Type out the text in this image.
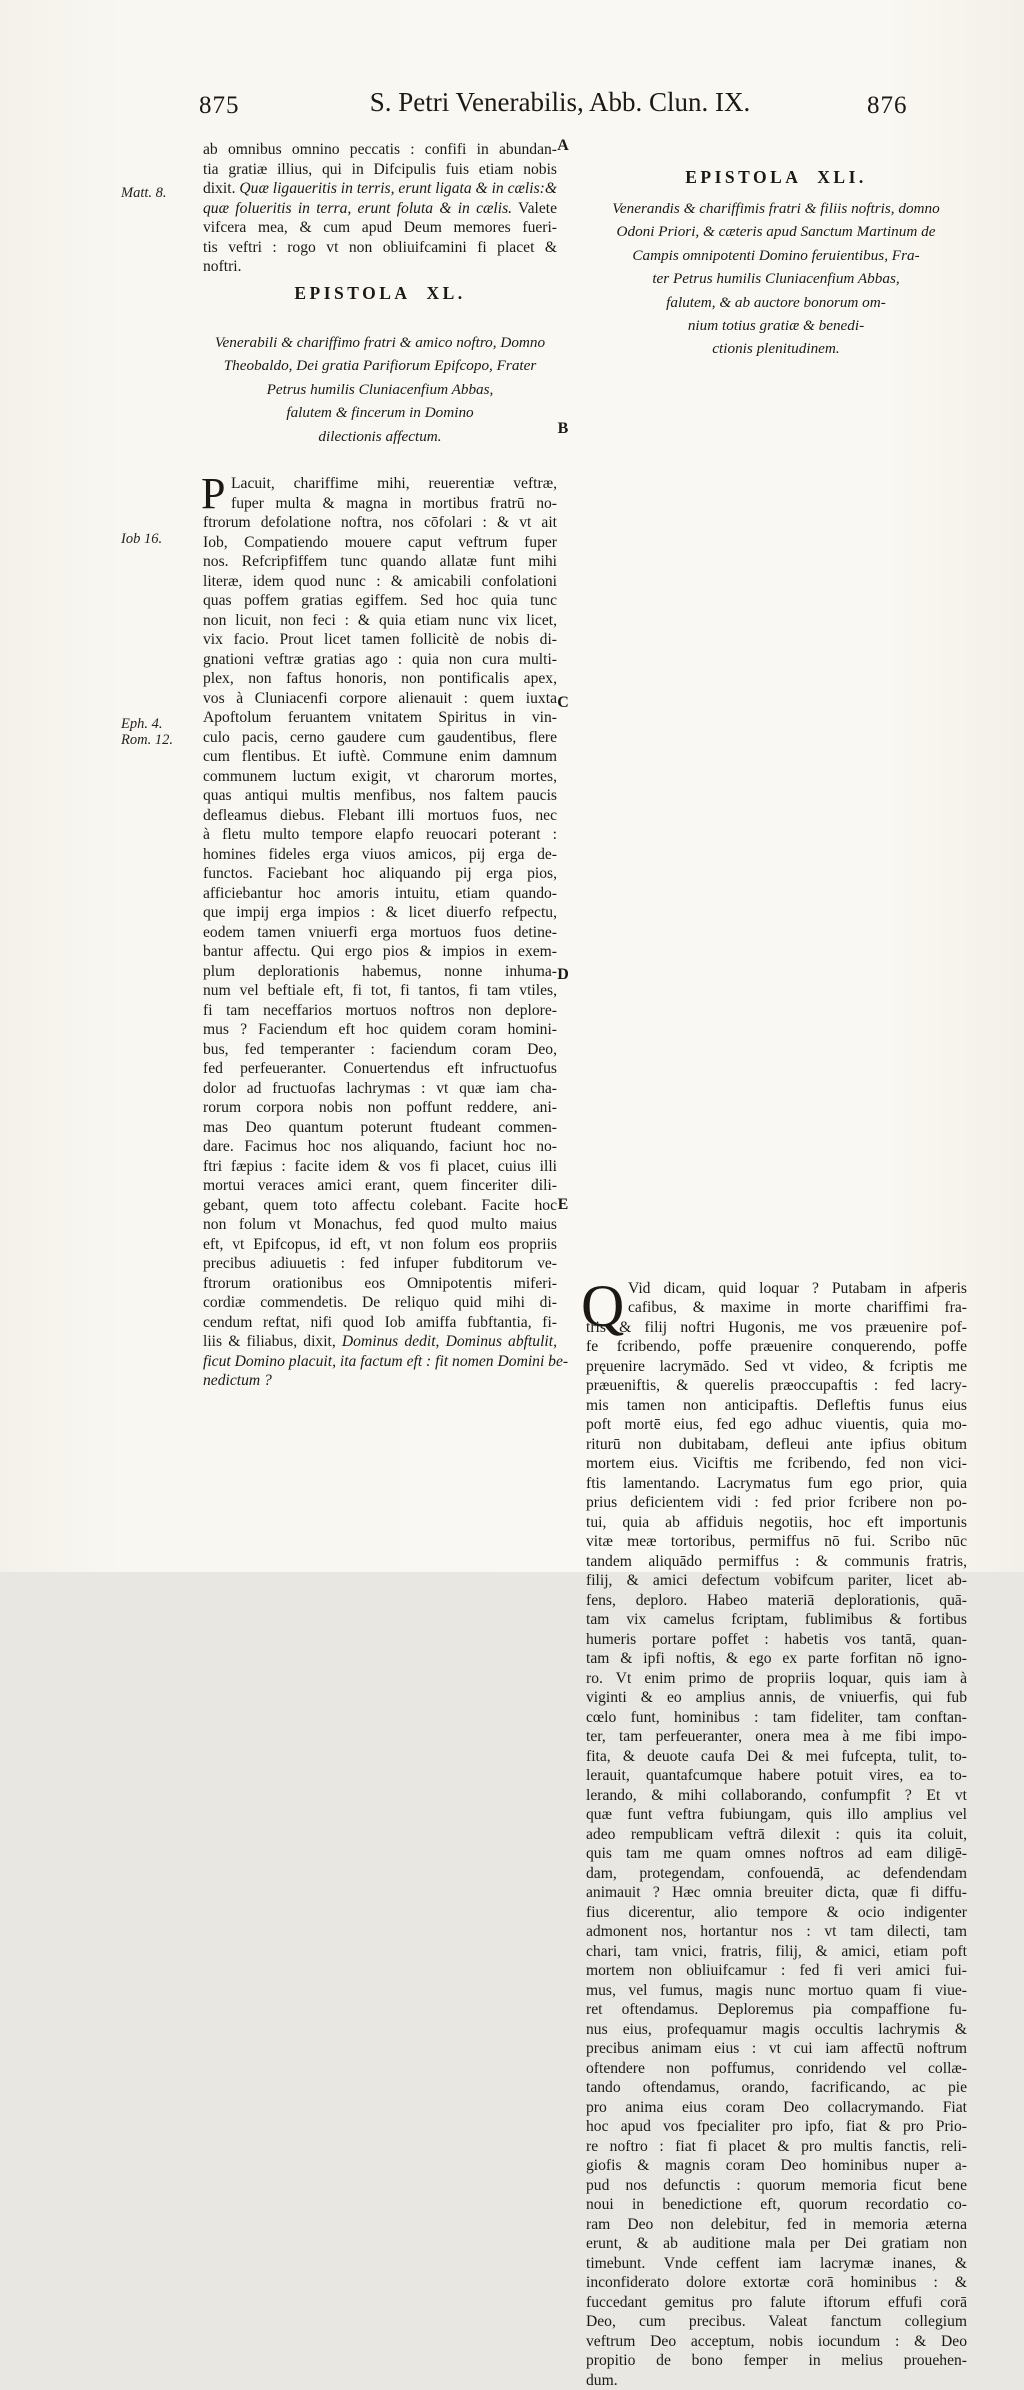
875	S. Petri Venerabilis, Abb. Clun. IX.	876
Matt. 8.
Iob 16.
Eph. 4.
Rom. 12.
A
B
C
D
E
ab omnibus omnino peccatis : confifi in abundan-
tia gratiæ illius, qui in Difcipulis fuis etiam nobis
dixit. Quæ ligaueritis in terris, erunt ligata & in cælis:&
quæ folueritis in terra, erunt foluta & in cælis. Valete
vifcera mea, & cum apud Deum memores fueri-
tis veftri : rogo vt non obliuifcamini fi placet &
noftri.
EPISTOLA XL.
Venerabili & chariffimo fratri & amico noftro, Domno
Theobaldo, Dei gratia Parifiorum Epifcopo, Frater
Petrus humilis Cluniacenfium Abbas,
falutem & fincerum in Domino
dilectionis affectum.
P Lacuit, chariffime mihi, reuerentiæ veftræ,
fuper multa & magna in mortibus fratrū no-
ftrorum defolatione noftra, nos cōfolari : & vt ait
Iob, Compatiendo mouere caput veftrum fuper
nos. Refcripfiffem tunc quando allatæ funt mihi
literæ, idem quod nunc : & amicabili confolationi
quas poffem gratias egiffem. Sed hoc quia tunc
non licuit, non feci : & quia etiam nunc vix licet,
vix facio. Prout licet tamen follicitè de nobis di-
gnationi veftræ gratias ago : quia non cura multi-
plex, non faftus honoris, non pontificalis apex,
vos à Cluniacenfi corpore alienauit : quem iuxta
Apoftolum feruantem vnitatem Spiritus in vin-
culo pacis, cerno gaudere cum gaudentibus, flere
cum flentibus. Et iuftè. Commune enim damnum
communem luctum exigit, vt charorum mortes,
quas antiqui multis menfibus, nos faltem paucis
defleamus diebus. Flebant illi mortuos fuos, nec
à fletu multo tempore elapfo reuocari poterant :
homines fideles erga viuos amicos, pij erga de-
functos. Faciebant hoc aliquando pij erga pios,
afficiebantur hoc amoris intuitu, etiam quando-
que impij erga impios : & licet diuerfo refpectu,
eodem tamen vniuerfi erga mortuos fuos detine-
bantur affectu. Qui ergo pios & impios in exem-
plum deplorationis habemus, nonne inhuma-
num vel beftiale eft, fi tot, fi tantos, fi tam vtiles,
fi tam neceffarios mortuos noftros non deplore-
mus ? Faciendum eft hoc quidem coram homini-
bus, fed temperanter : faciendum coram Deo,
fed perfeueranter. Conuertendus eft infructuofus
dolor ad fructuofas lachrymas : vt quæ iam cha-
rorum corpora nobis non poffunt reddere, ani-
mas Deo quantum poterunt ftudeant commen-
dare. Facimus hoc nos aliquando, faciunt hoc no-
ftri fæpius : facite idem & vos fi placet, cuius illi
mortui veraces amici erant, quem finceriter dili-
gebant, quem toto affectu colebant. Facite hoc
non folum vt Monachus, fed quod multo maius
eft, vt Epifcopus, id eft, vt non folum eos propriis
precibus adiuuetis : fed infuper fubditorum ve-
ftrorum orationibus eos Omnipotentis miferi-
cordiæ commendetis. De reliquo quid mihi di-
cendum reftat, nifi quod Iob amiffa fubftantia, fi-
liis & filiabus, dixit, Dominus dedit, Dominus abftulit,
ficut Domino placuit, ita factum eft : fit nomen Domini be-
nedictum ?
EPISTOLA XLI.
Venerandis & chariffimis fratri & filiis noftris, domno
Odoni Priori, & cæteris apud Sanctum Martinum de
Campis omnipotenti Domino feruientibus, Fra-
ter Petrus humilis Cluniacenfium Abbas,
falutem, & ab auctore bonorum om-
nium totius gratiæ & benedi-
ctionis plenitudinem.
Q Vid dicam, quid loquar ? Putabam in afperis
cafibus, & maxime in morte chariffimi fra-
tris & filij noftri Hugonis, me vos præuenire pof-
fe fcribendo, poffe præuenire conquerendo, poffe
pręuenire lacrymādo. Sed vt video, & fcriptis me
præueniftis, & querelis præoccupaftis : fed lacry-
mis tamen non anticipaftis. Defleftis funus eius
poft mortē eius, fed ego adhuc viuentis, quia mo-
riturū non dubitabam, defleui ante ipfius obitum
mortem eius. Viciftis me fcribendo, fed non vici-
ftis lamentando. Lacrymatus fum ego prior, quia
prius deficientem vidi : fed prior fcribere non po-
tui, quia ab affiduis negotiis, hoc eft importunis
vitæ meæ tortoribus, permiffus nō fui. Scribo nūc
tandem aliquādo permiffus : & communis fratris,
filij, & amici defectum vobifcum pariter, licet ab-
fens, deploro. Habeo materiā deplorationis, quā-
tam vix camelus fcriptam, fublimibus & fortibus
humeris portare poffet : habetis vos tantā, quan-
tam & ipfi noftis, & ego ex parte forfitan nō igno-
ro. Vt enim primo de propriis loquar, quis iam à
viginti & eo amplius annis, de vniuerfis, qui fub
cœlo funt, hominibus : tam fideliter, tam conftan-
ter, tam perfeueranter, onera mea à me fibi impo-
fita, & deuote caufa Dei & mei fufcepta, tulit, to-
lerauit, quantafcumque habere potuit vires, ea to-
lerando, & mihi collaborando, confumpfit ? Et vt
quæ funt veftra fubiungam, quis illo amplius vel
adeo rempublicam veftrā dilexit : quis ita coluit,
quis tam me quam omnes noftros ad eam diligē-
dam, protegendam, confouendā, ac defendendam
animauit ? Hæc omnia breuiter dicta, quæ fi diffu-
fius dicerentur, alio tempore & ocio indigenter
admonent nos, hortantur nos : vt tam dilecti, tam
chari, tam vnici, fratris, filij, & amici, etiam poft
mortem non obliuifcamur : fed fi veri amici fui-
mus, vel fumus, magis nunc mortuo quam fi viue-
ret oftendamus. Deploremus pia compaffione fu-
nus eius, profequamur magis occultis lachrymis &
precibus animam eius : vt cui iam affectū noftrum
oftendere non poffumus, conridendo vel collæ-
tando oftendamus, orando, facrificando, ac pie
pro anima eius coram Deo collacrymando. Fiat
hoc apud vos fpecialiter pro ipfo, fiat & pro Prio-
re noftro : fiat fi placet & pro multis fanctis, reli-
giofis & magnis coram Deo hominibus nuper a-
pud nos defunctis : quorum memoria ficut bene
noui in benedictione eft, quorum recordatio co-
ram Deo non delebitur, fed in memoria æterna
erunt, & ab auditione mala per Dei gratiam non
timebunt. Vnde ceffent iam lacrymæ inanes, &
inconfiderato dolore extortæ corā hominibus : &
fuccedant gemitus pro falute iftorum effufi corā
Deo, cum precibus. Valeat fanctum collegium
veftrum Deo acceptum, nobis iocundum : & Deo
propitio de bono femper in melius prouehen-
dum.
